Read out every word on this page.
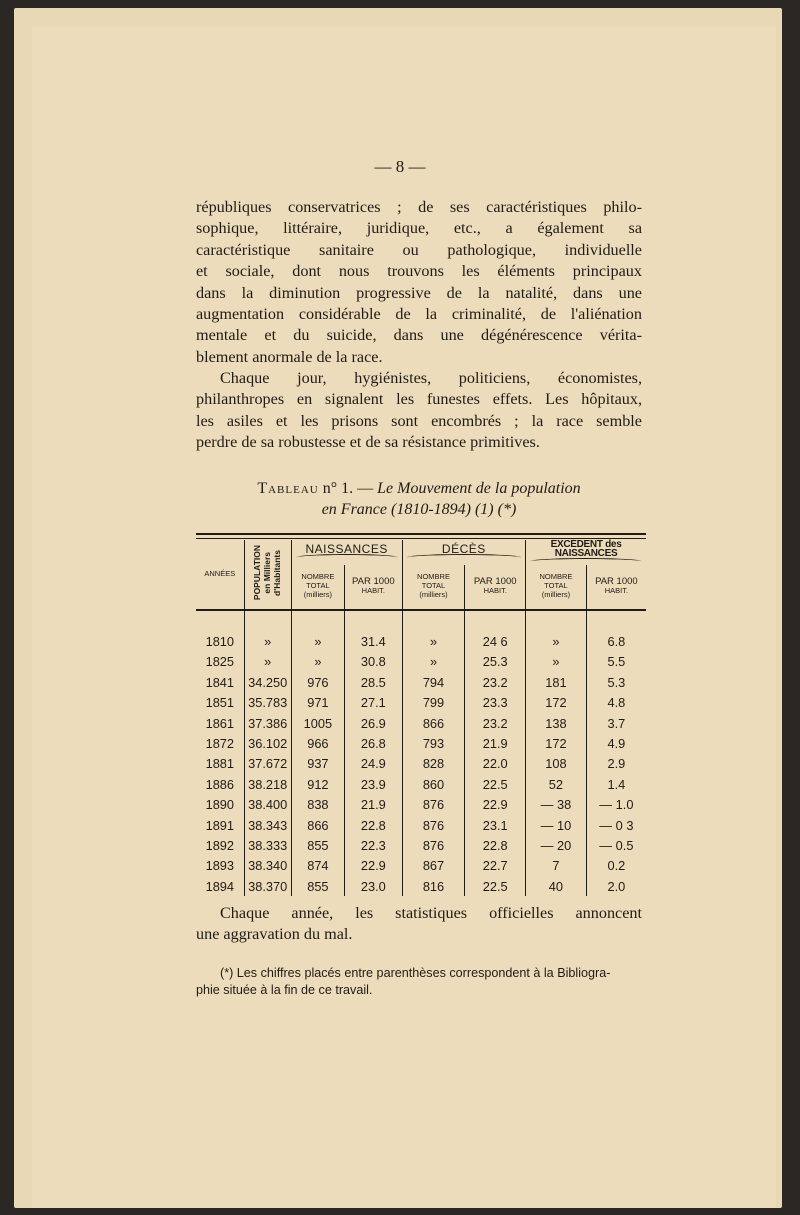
— 8 —
républiques conservatrices ; de ses caractéristiques philo-
sophique, littéraire, juridique, etc., a également sa
caractéristique sanitaire ou pathologique, individuelle
et sociale, dont nous trouvons les éléments principaux
dans la diminution progressive de la natalité, dans une
augmentation considérable de la criminalité, de l'aliénation
mentale et du suicide, dans une dégénérescence vérita-
blement anormale de la race.
Chaque jour, hygiénistes, politiciens, économistes,
philanthropes en signalent les funestes effets. Les hôpitaux,
les asiles et les prisons sont encombrés ; la race semble
perdre de sa robustesse et de sa résistance primitives.
Tableau n° 1. — Le Mouvement de la population
en France (1810-1894) (1) (*)
ANNÉES	POPULATION en Milliers d'Habitants	NAISSANCES		DÉCÈS		EXCÉDENT des NAISSANCES	

		NOMBRE
TOTAL
(milliers)	PAR 1000
HABIT.	NOMBRE
TOTAL
(milliers)	PAR 1000
HABIT.	NOMBRE
TOTAL
(milliers)	PAR 1000
HABIT.

1810	»	»	31.4	»	24 6	»	6.8
1825	»	»	30.8	»	25.3	»	5.5
1841	34.250	976	28.5	794	23.2	181	5.3
1851	35.783	971	27.1	799	23.3	172	4.8
1861	37.386	1005	26.9	866	23.2	138	3.7
1872	36.102	966	26.8	793	21.9	172	4.9
1881	37.672	937	24.9	828	22.0	108	2.9
1886	38.218	912	23.9	860	22.5	52	1.4
1890	38.400	838	21.9	876	22.9	— 38	— 1.0
1891	38.343	866	22.8	876	23.1	— 10	— 0 3
1892	38.333	855	22.3	876	22.8	— 20	— 0.5
1893	38.340	874	22.9	867	22.7	7	0.2
1894	38.370	855	23.0	816	22.5	40	2.0
Chaque année, les statistiques officielles annoncent
une aggravation du mal.
(*) Les chiffres placés entre parenthèses correspondent à la Bibliogra-
phie située à la fin de ce travail.
